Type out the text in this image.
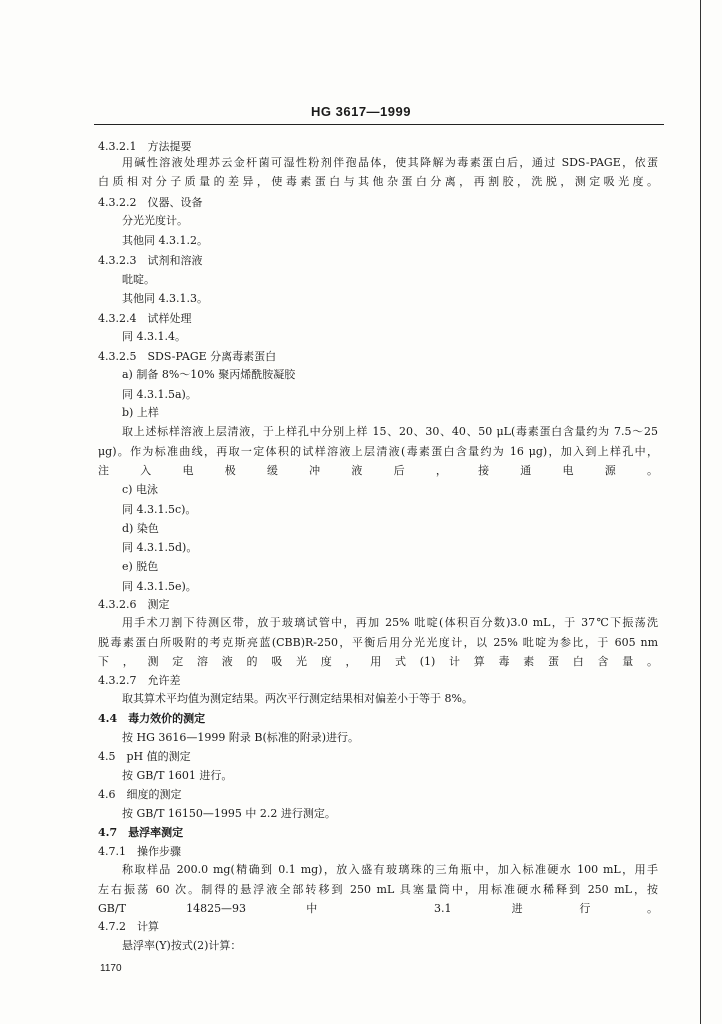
HG 3617—1999
4.3.2.1　方法提要
用碱性溶液处理苏云金杆菌可湿性粉剂伴孢晶体，使其降解为毒素蛋白后，通过 SDS-PAGE，依蛋
白质相对分子质量的差异，使毒素蛋白与其他杂蛋白分离，再割胶，洗脱，测定吸光度。
4.3.2.2　仪器、设备
分光光度计。
其他同 4.3.1.2。
4.3.2.3　试剂和溶液
吡啶。
其他同 4.3.1.3。
4.3.2.4　试样处理
同 4.3.1.4。
4.3.2.5　SDS-PAGE 分离毒素蛋白
a) 制备 8%～10% 聚丙烯酰胺凝胶
同 4.3.1.5a)。
b) 上样
取上述标样溶液上层清液，于上样孔中分别上样 15、20、30、40、50 μL(毒素蛋白含量约为 7.5～25
μg)。作为标准曲线，再取一定体积的试样溶液上层清液(毒素蛋白含量约为 16 μg)，加入到上样孔中，
注入电极缓冲液后，接通电源。
c) 电泳
同 4.3.1.5c)。
d) 染色
同 4.3.1.5d)。
e) 脱色
同 4.3.1.5e)。
4.3.2.6　测定
用手术刀割下待测区带，放于玻璃试管中，再加 25% 吡啶(体积百分数)3.0 mL，于 37℃下振荡洗
脱毒素蛋白所吸附的考克斯亮蓝(CBB)R-250，平衡后用分光光度计，以 25% 吡啶为参比，于 605 nm
下，测定溶液的吸光度，用式(1)计算毒素蛋白含量。
4.3.2.7　允许差
取其算术平均值为测定结果。两次平行测定结果相对偏差小于等于 8%。
4.4　毒力效价的测定
按 HG 3616—1999 附录 B(标准的附录)进行。
4.5　pH 值的测定
按 GB/T 1601 进行。
4.6　细度的测定
按 GB/T 16150—1995 中 2.2 进行测定。
4.7　悬浮率测定
4.7.1　操作步骤
称取样品 200.0 mg(精确到 0.1 mg)，放入盛有玻璃珠的三角瓶中，加入标准硬水 100 mL，用手
左右振荡 60 次。制得的悬浮液全部转移到 250 mL 具塞量筒中，用标准硬水稀释到 250 mL，按
GB/T 14825—93 中 3.1 进行。
4.7.2　计算
悬浮率(Y)按式(2)计算：
1170
